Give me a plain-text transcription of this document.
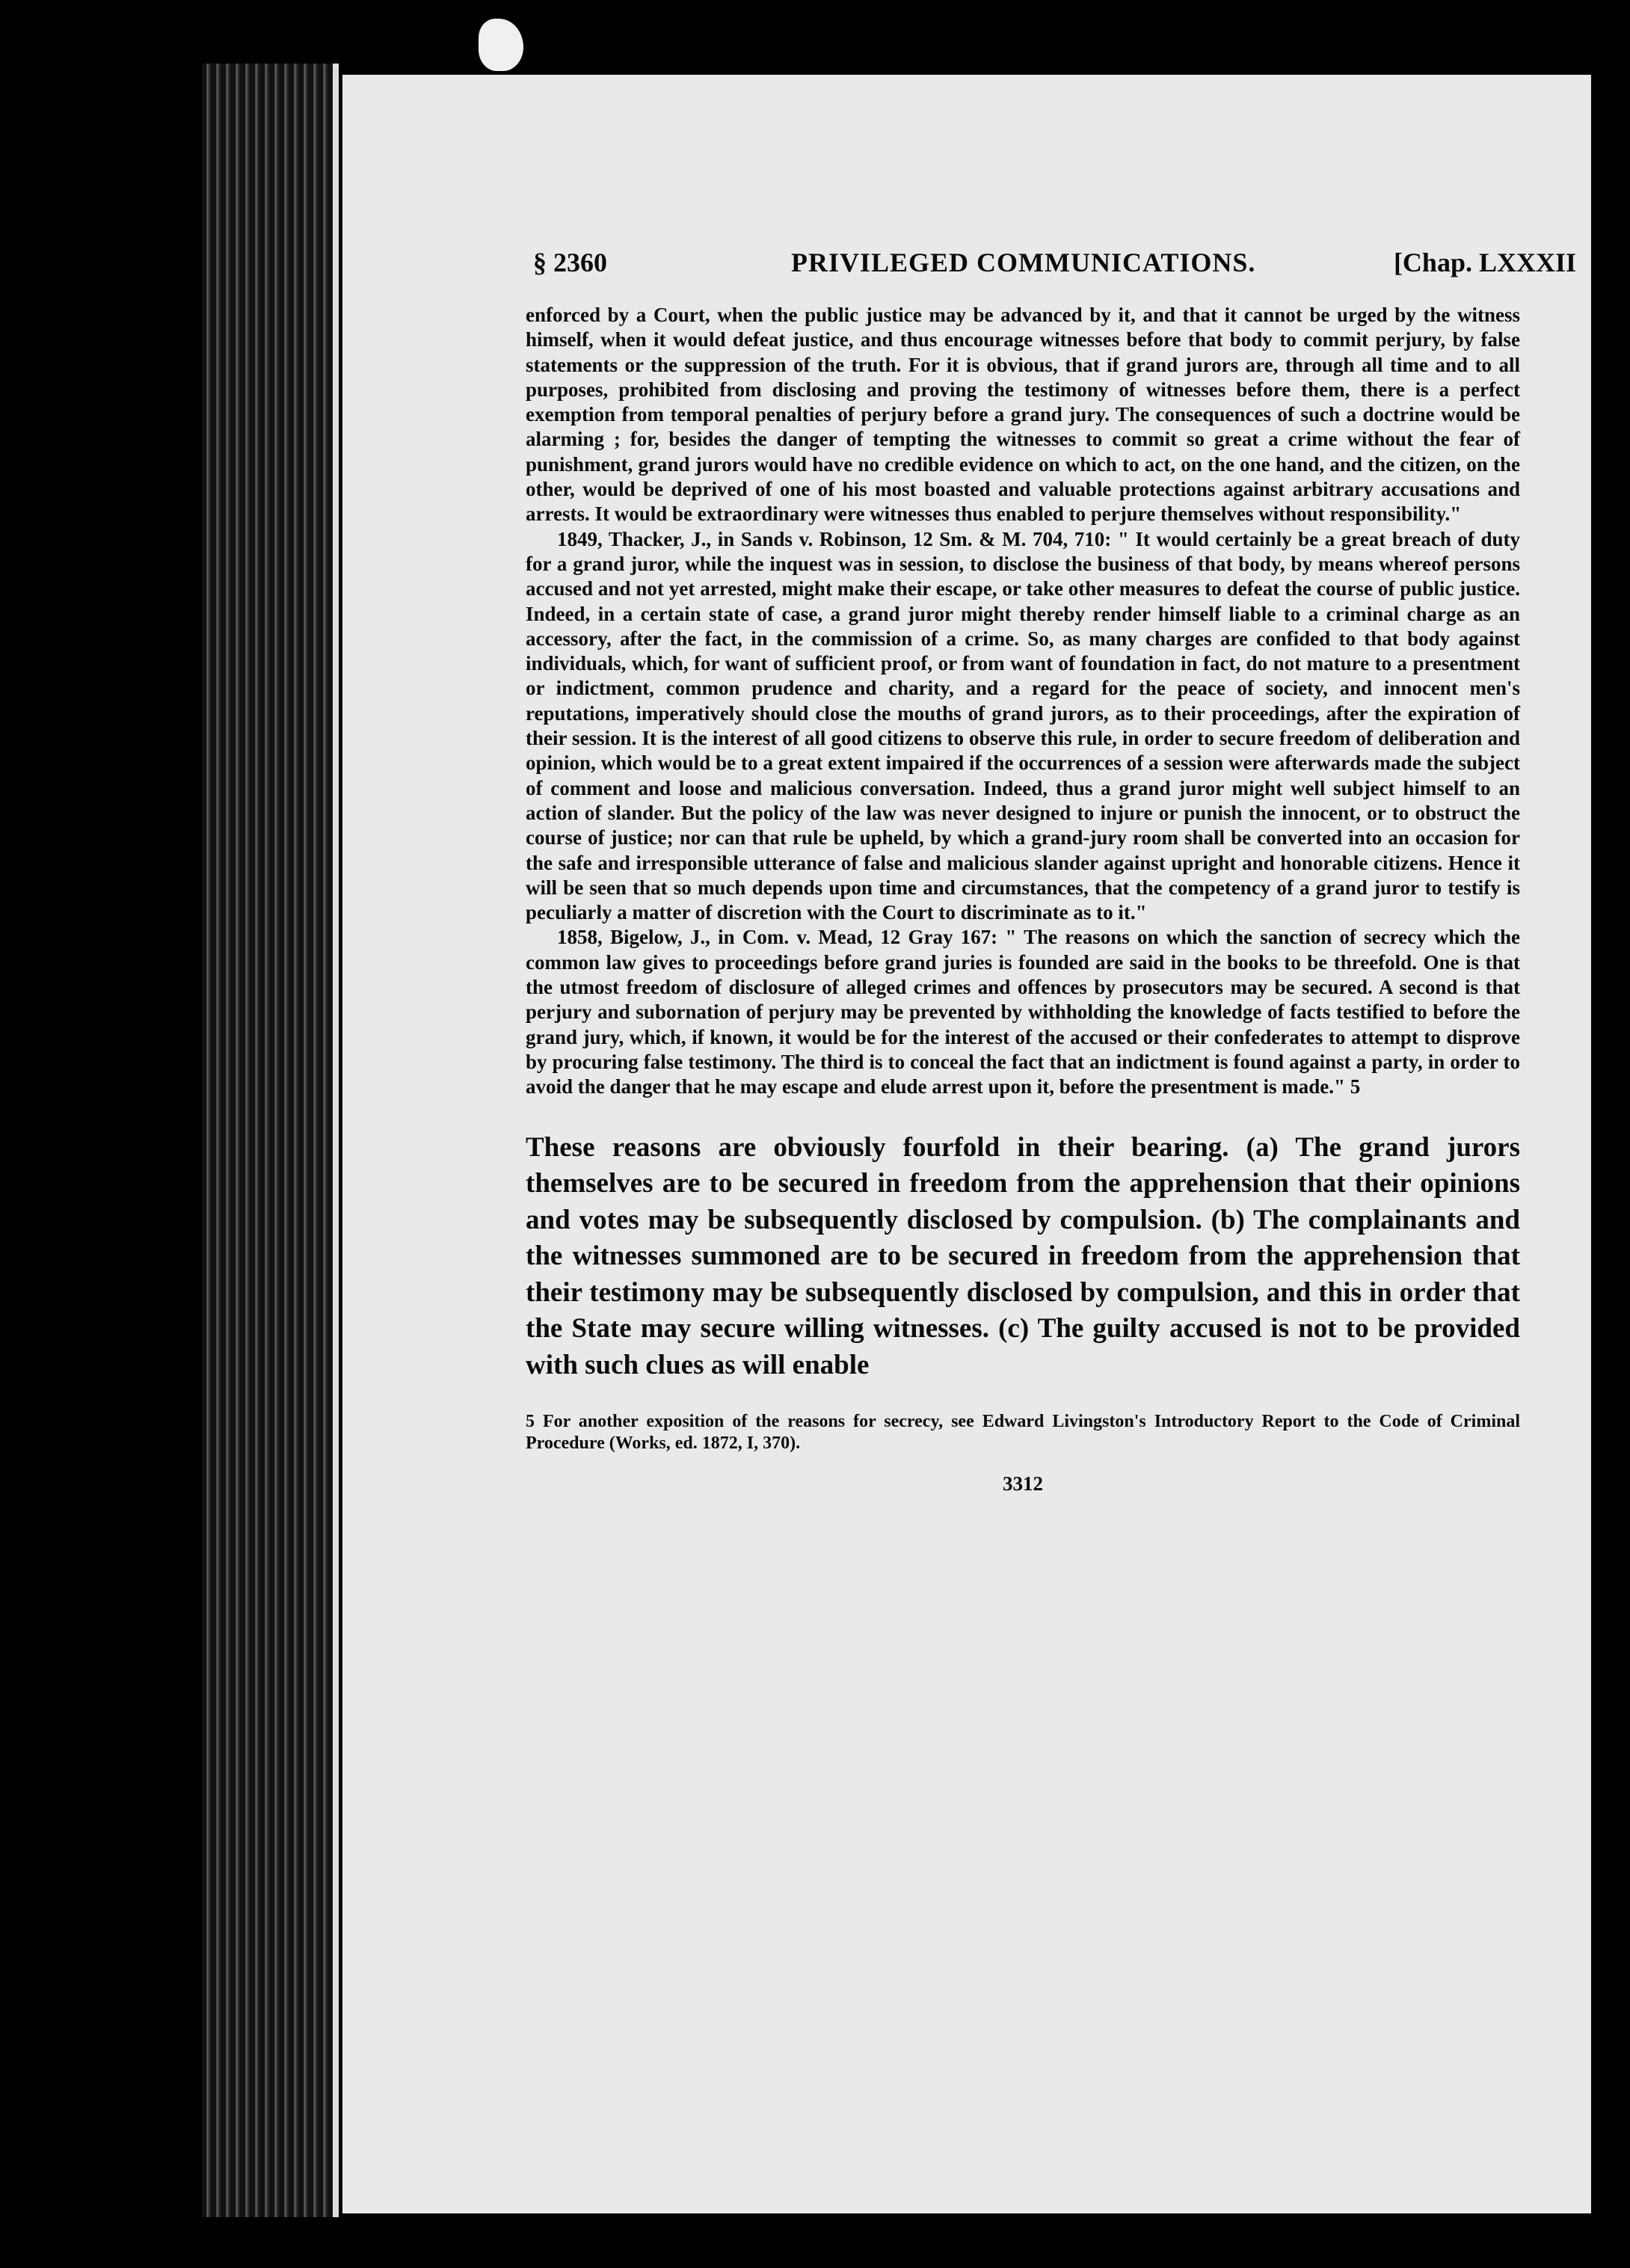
§ 2360	PRIVILEGED COMMUNICATIONS.	[Chap. LXXXII

enforced by a Court, when the public justice may be advanced by it, and that it cannot be urged by the witness himself, when it would defeat justice, and thus encourage witnesses before that body to commit perjury, by false statements or the suppression of the truth. For it is obvious, that if grand jurors are, through all time and to all purposes, prohibited from disclosing and proving the testimony of witnesses before them, there is a perfect exemption from temporal penalties of perjury before a grand jury. The consequences of such a doctrine would be alarming ; for, besides the danger of tempting the witnesses to commit so great a crime without the fear of punishment, grand jurors would have no credible evidence on which to act, on the one hand, and the citizen, on the other, would be deprived of one of his most boasted and valuable protections against arbitrary accusations and arrests. It would be extraordinary were witnesses thus enabled to perjure themselves without responsibility."

1849, Thacker, J., in Sands v. Robinson, 12 Sm. & M. 704, 710: " It would certainly be a great breach of duty for a grand juror, while the inquest was in session, to disclose the business of that body, by means whereof persons accused and not yet arrested, might make their escape, or take other measures to defeat the course of public justice. Indeed, in a certain state of case, a grand juror might thereby render himself liable to a criminal charge as an accessory, after the fact, in the commission of a crime. So, as many charges are confided to that body against individuals, which, for want of sufficient proof, or from want of foundation in fact, do not mature to a presentment or indictment, common prudence and charity, and a regard for the peace of society, and innocent men's reputations, imperatively should close the mouths of grand jurors, as to their proceedings, after the expiration of their session. It is the interest of all good citizens to observe this rule, in order to secure freedom of deliberation and opinion, which would be to a great extent impaired if the occurrences of a session were afterwards made the subject of comment and loose and malicious conversation. Indeed, thus a grand juror might well subject himself to an action of slander. But the policy of the law was never designed to injure or punish the innocent, or to obstruct the course of justice; nor can that rule be upheld, by which a grand-jury room shall be converted into an occasion for the safe and irresponsible utterance of false and malicious slander against upright and honorable citizens. Hence it will be seen that so much depends upon time and circumstances, that the competency of a grand juror to testify is peculiarly a matter of discretion with the Court to discriminate as to it."

1858, Bigelow, J., in Com. v. Mead, 12 Gray 167: " The reasons on which the sanction of secrecy which the common law gives to proceedings before grand juries is founded are said in the books to be threefold. One is that the utmost freedom of disclosure of alleged crimes and offences by prosecutors may be secured. A second is that perjury and subornation of perjury may be prevented by withholding the knowledge of facts testified to before the grand jury, which, if known, it would be for the interest of the accused or their confederates to attempt to disprove by procuring false testimony. The third is to conceal the fact that an indictment is found against a party, in order to avoid the danger that he may escape and elude arrest upon it, before the presentment is made." 5

These reasons are obviously fourfold in their bearing. (a) The grand jurors themselves are to be secured in freedom from the apprehension that their opinions and votes may be subsequently disclosed by compulsion. (b) The complainants and the witnesses summoned are to be secured in freedom from the apprehension that their testimony may be subsequently disclosed by compulsion, and this in order that the State may secure willing witnesses. (c) The guilty accused is not to be provided with such clues as will enable

5 For another exposition of the reasons for secrecy, see Edward Livingston's Introductory Report to the Code of Criminal Procedure (Works, ed. 1872, I, 370).

3312
